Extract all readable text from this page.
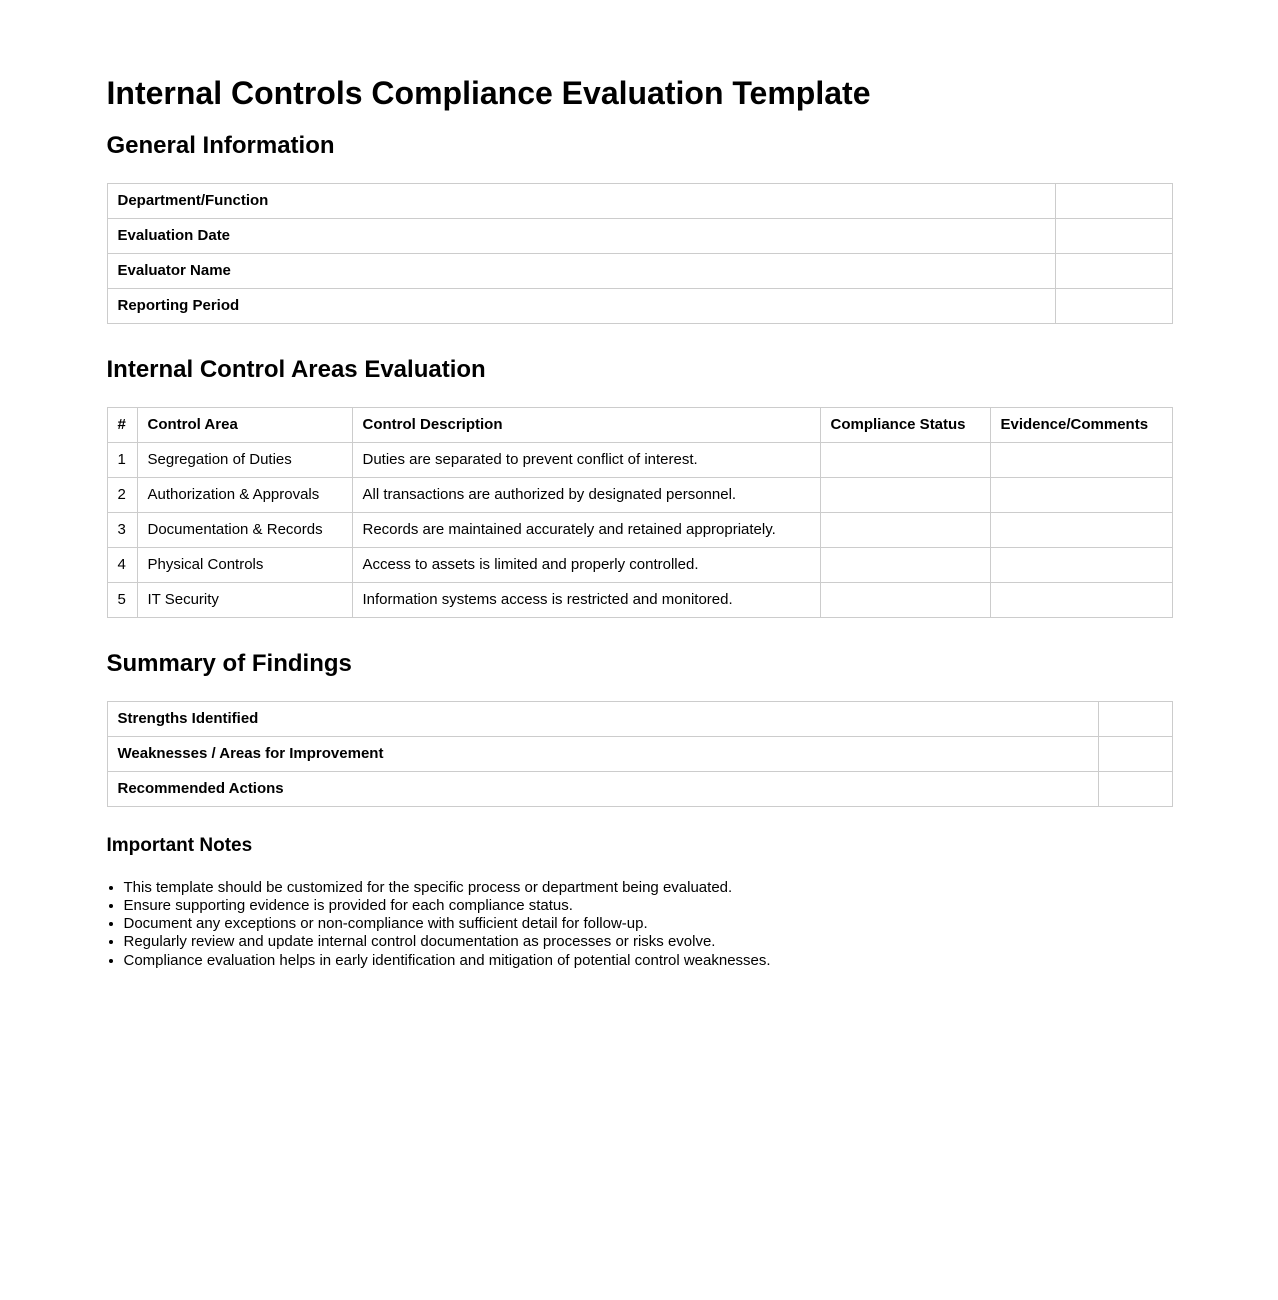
Internal Controls Compliance Evaluation Template
General Information
Department/Function	
Evaluation Date	
Evaluator Name	
Reporting Period	
Internal Control Areas Evaluation
#	Control Area	Control Description	Compliance Status	Evidence/Comments
1	Segregation of Duties	Duties are separated to prevent conflict of interest.		
2	Authorization & Approvals	All transactions are authorized by designated personnel.		
3	Documentation & Records	Records are maintained accurately and retained appropriately.		
4	Physical Controls	Access to assets is limited and properly controlled.		
5	IT Security	Information systems access is restricted and monitored.		
Summary of Findings
Strengths Identified	
Weaknesses / Areas for Improvement	
Recommended Actions	
Important Notes
• This template should be customized for the specific process or department being evaluated.
• Ensure supporting evidence is provided for each compliance status.
• Document any exceptions or non-compliance with sufficient detail for follow-up.
• Regularly review and update internal control documentation as processes or risks evolve.
• Compliance evaluation helps in early identification and mitigation of potential control weaknesses.
